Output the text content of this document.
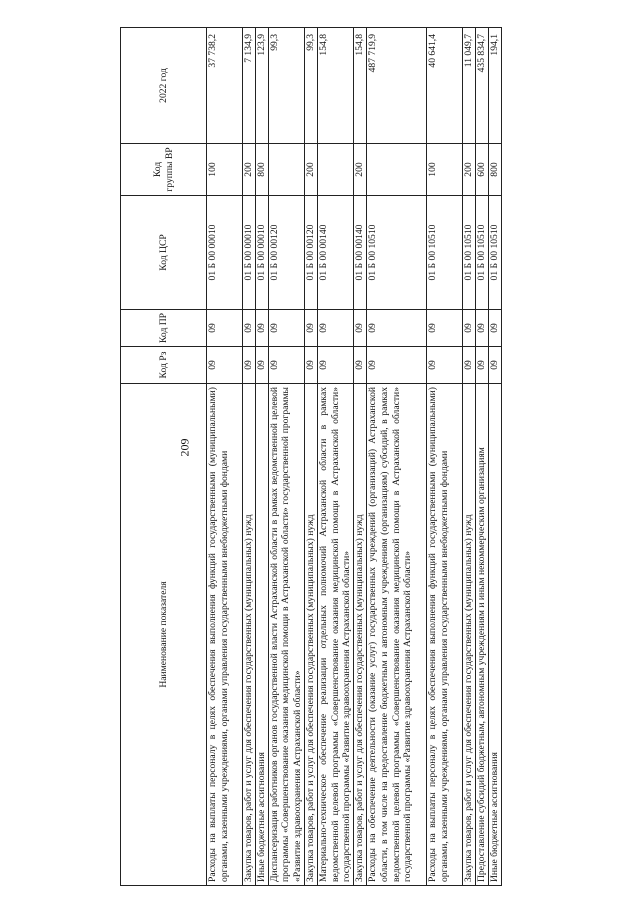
209
Наименование показателя	Код Рз	Код ПР	Код ЦСР	Код группы ВР	2022 год
Расходы на выплаты персоналу в целях обеспечения выполнения функций государственными (муниципальными) органами, казенными учреждениями, органами управления государственными внебюджетными фондами	09	09	01 Б 00 00010	100	37 738,2
Закупка товаров, работ и услуг для обеспечения государственных (муниципальных) нужд	09	09	01 Б 00 00010	200	7 134,9
Иные бюджетные ассигнования	09	09	01 Б 00 00010	800	123,9
Диспансеризация работников органов государственной власти Астраханской области в рамках ведомственной целевой программы «Совершенствование оказания медицинской помощи в Астраханской области» государственной программы «Развитие здравоохранения Астраханской области»	09	09	01 Б 00 00120		99,3
Закупка товаров, работ и услуг для обеспечения государственных (муниципальных) нужд	09	09	01 Б 00 00120	200	99,3
Материально-техническое обеспечение реализации отдельных полномочий Астраханской области в рамках ведомственной целевой программы «Совершенствование оказания медицинской помощи в Астраханской области» государственной программы «Развитие здравоохранения Астраханской области»	09	09	01 Б 00 00140		154,8
Закупка товаров, работ и услуг для обеспечения государственных (муниципальных) нужд	09	09	01 Б 00 00140	200	154,8
Расходы на обеспечение деятельности (оказание услуг) государственных учреждений (организаций) Астраханской области, в том числе на предоставление бюджетным и автономным учреждениям (организациям) субсидий, в рамках ведомственной целевой программы «Совершенствование оказания медицинской помощи в Астраханской области» государственной программы «Развитие здравоохранения Астраханской области»	09	09	01 Б 00 10510		487 719,9
Расходы на выплаты персоналу в целях обеспечения выполнения функций государственными (муниципальными) органами, казенными учреждениями, органами управления государственными внебюджетными фондами	09	09	01 Б 00 10510	100	40 641,4
Закупка товаров, работ и услуг для обеспечения государственных (муниципальных) нужд	09	09	01 Б 00 10510	200	11 049,7
Предоставление субсидий бюджетным, автономным учреждениям и иным некоммерческим организациям	09	09	01 Б 00 10510	600	435 834,7
Иные бюджетные ассигнования	09	09	01 Б 00 10510	800	194,1
